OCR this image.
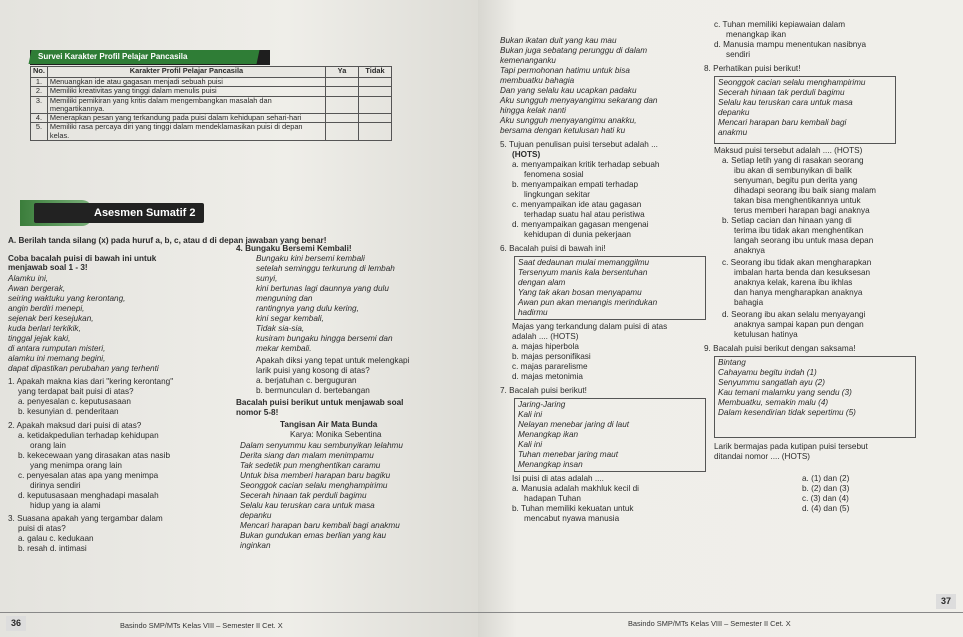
Survei Karakter Profil Pelajar Pancasila
No.	Karakter Profil Pelajar Pancasila	Ya	Tidak
1.	Menuangkan ide atau gagasan menjadi sebuah puisi		
2.	Memiliki kreativitas yang tinggi dalam menulis puisi		
3.	Memiliki pemikiran yang kritis dalam mengembangkan masalah dan mengartikannya.		
4.	Menerapkan pesan yang terkandung pada puisi dalam kehidupan sehari-hari		
5.	Memiliki rasa percaya diri yang tinggi dalam mendeklamasikan puisi di depan kelas.		
Asesmen Sumatif 2
A. Berilah tanda silang (x) pada huruf a, b, c, atau d di depan jawaban yang benar!
Coba bacalah puisi di bawah ini untuk
menjawab soal 1 - 3!
Alamku ini,
Awan bergerak,
seiring waktuku yang kerontang,
angin berdiri menepi,
sejenak beri kesejukan,
kuda berlari terkikik,
tinggal jejak kaki,
di antara rumputan misteri,
alamku ini memang begini,
dapat dipastikan perubahan yang terhenti
1. Apakah makna kias dari "kering kerontang"
yang terdapat bait puisi di atas?
a. penyesalan c. keputusasaan
b. kesunyian d. penderitaan
2. Apakah maksud dari puisi di atas?
a. ketidakpedulian terhadap kehidupan
orang lain
b. kekecewaan yang dirasakan atas nasib
yang menimpa orang lain
c. penyesalan atas apa yang menimpa
dirinya sendiri
d. keputusasaan menghadapi masalah
hidup yang ia alami
3. Suasana apakah yang tergambar dalam
puisi di atas?
a. galau c. kedukaan
b. resah d. intimasi
4. Bungaku Bersemi Kembali!
Bungaku kini bersemi kembali
setelah seminggu terkurung di lembah
sunyi,
kini bertunas lagi daunnya yang dulu
menguning dan
rantingnya yang dulu kering,
kini segar kembali,
Tidak sia-sia,
kusiram bungaku hingga bersemi dan
mekar kembali.
Apakah diksi yang tepat untuk melengkapi
larik puisi yang kosong di atas?
a. berjatuhan c. berguguran
b. bermunculan d. bertebangan
Bacalah puisi berikut untuk menjawab soal
nomor 5-8!
Tangisan Air Mata Bunda
Karya: Monika Sebentina
Dalam senyummu kau sembunyikan lelahmu
Derita siang dan malam menimpamu
Tak sedetik pun menghentikan caramu
Untuk bisa memberi harapan baru bagiku
Seonggok cacian selalu menghampirimu
Secerah hinaan tak perduli bagimu
Selalu kau teruskan cara untuk masa
depanku
Mencari harapan baru kembali bagi anakmu
Bukan gundukan emas berlian yang kau
inginkan
36	Basindo SMP/MTs Kelas VIII – Semester II Cet. X
Bukan ikatan duit yang kau mau
Bukan juga sebatang perunggu di dalam
kemenanganku
Tapi permohonan hatimu untuk bisa
membuatku bahagia
Dan yang selalu kau ucapkan padaku
Aku sungguh menyayangimu sekarang dan
hingga kelak nanti
Aku sungguh menyayangimu anakku,
bersama dengan ketulusan hati ku
5. Tujuan penulisan puisi tersebut adalah ...
(HOTS)
a. menyampaikan kritik terhadap sebuah
fenomena sosial
b. menyampaikan empati terhadap
lingkungan sekitar
c. menyampaikan ide atau gagasan
terhadap suatu hal atau peristiwa
d. menyampaikan gagasan mengenai
kehidupan di dunia pekerjaan
6. Bacalah puisi di bawah ini!
Saat dedaunan mulai memanggilmu
Tersenyum manis kala bersentuhan
dengan alam
Yang tak akan bosan menyapamu
Awan pun akan menangis merindukan
hadirmu
Majas yang terkandung dalam puisi di atas
adalah .... (HOTS)
a. majas hiperbola
b. majas personifikasi
c. majas pararelisme
d. majas metonimia
7. Bacalah puisi berikut!
Jaring-Jaring
Kali ini
Nelayan menebar jaring di laut
Menangkap ikan
Kali ini
Tuhan menebar jaring maut
Menangkap insan
Isi puisi di atas adalah ....
a. Manusia adalah makhluk kecil di
hadapan Tuhan
b. Tuhan memiliki kekuatan untuk
mencabut nyawa manusia
c. Tuhan memiliki kepiawaian dalam
menangkap ikan
d. Manusia mampu menentukan nasibnya
sendiri
8. Perhatikan puisi berikut!
Seonggok cacian selalu menghampirimu
Secerah hinaan tak perduli bagimu
Selalu kau teruskan cara untuk masa
depanku
Mencari harapan baru kembali bagi
anakmu
Maksud puisi tersebut adalah .... (HOTS)
a. Setiap letih yang di rasakan seorang
ibu akan di sembunyikan di balik
senyuman, begitu pun derita yang
dihadapi seorang ibu baik siang malam
takan bisa menghentikannya untuk
terus memberi harapan bagi anaknya
b. Setiap cacian dan hinaan yang di
terima ibu tidak akan menghentikan
langah seorang ibu untuk masa depan
anaknya
c. Seorang ibu tidak akan mengharapkan
imbalan harta benda dan kesuksesan
anaknya kelak, karena ibu ikhlas
dan hanya mengharapkan anaknya
bahagia
d. Seorang ibu akan selalu menyayangi
anaknya sampai kapan pun dengan
ketulusan hatinya
9. Bacalah puisi berikut dengan saksama!
Bintang
Cahayamu begitu indah (1)
Senyummu sangatlah ayu (2)
Kau temani malamku yang sendu (3)
Membuatku, semakin malu (4)
Dalam kesendirian tidak sepertimu (5)
Larik bermajas pada kutipan puisi tersebut
ditandai nomor .... (HOTS)
a. (1) dan (2)
b. (2) dan (3)
c. (3) dan (4)
d. (4) dan (5)
Basindo SMP/MTs Kelas VIII – Semester II Cet. X
37
